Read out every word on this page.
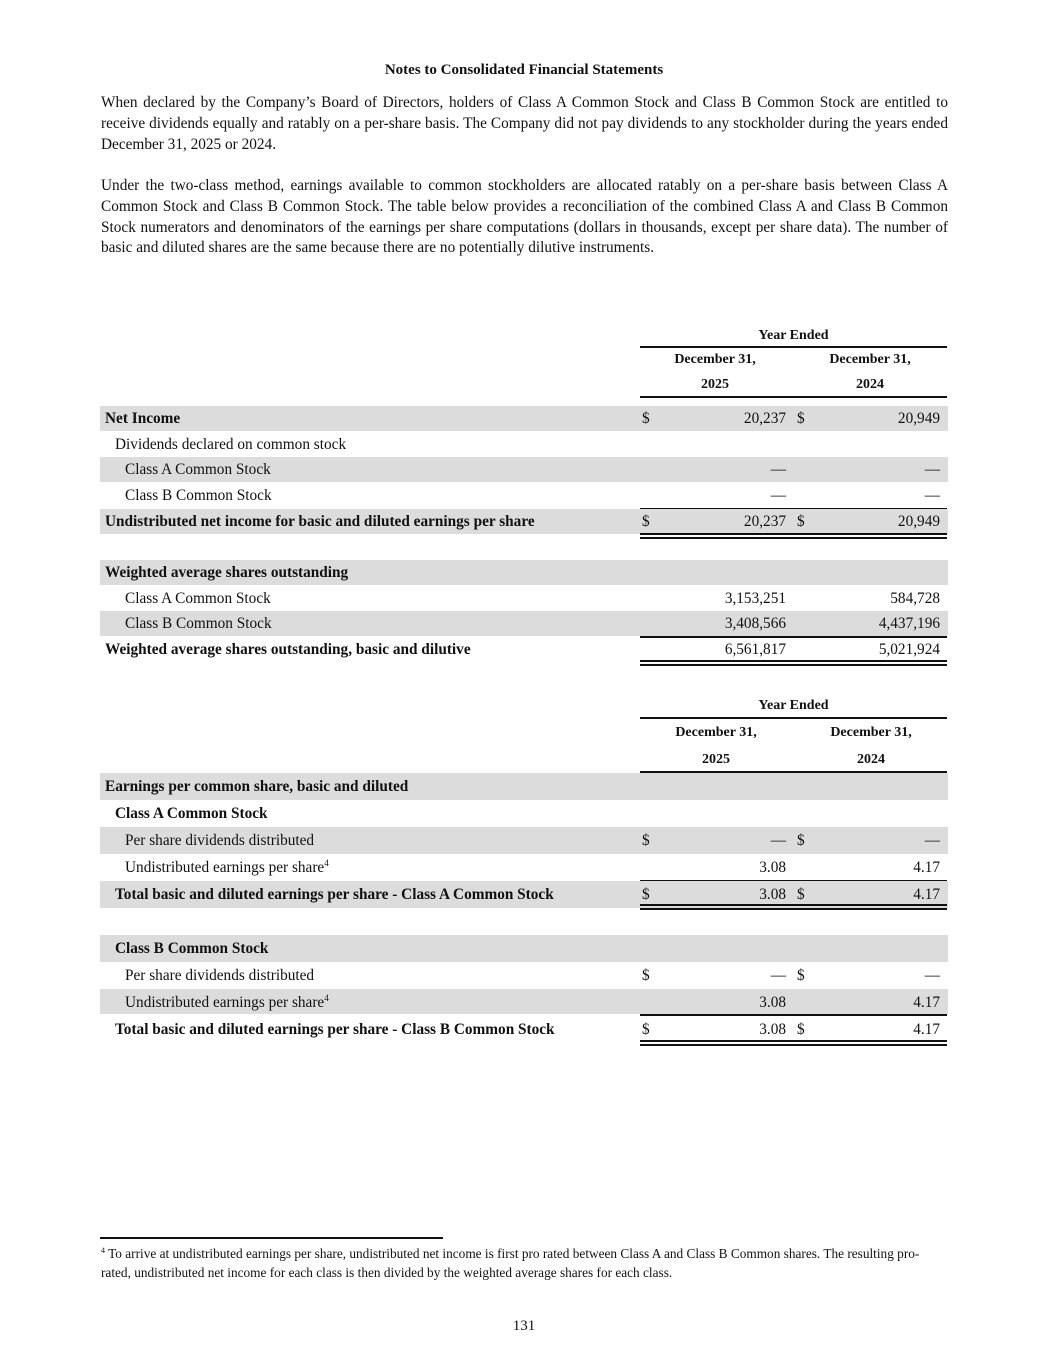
Notes to Consolidated Financial Statements
When declared by the Company’s Board of Directors, holders of Class A Common Stock and Class B Common Stock are entitled to receive dividends equally and ratably on a per-share basis. The Company did not pay dividends to any stockholder during the years ended December 31, 2025 or 2024.
Under the two-class method, earnings available to common stockholders are allocated ratably on a per-share basis between Class A Common Stock and Class B Common Stock. The table below provides a reconciliation of the combined Class A and Class B Common Stock numerators and denominators of the earnings per share computations (dollars in thousands, except per share data). The number of basic and diluted shares are the same because there are no potentially dilutive instruments.
Year Ended
December 31,
2025
December 31,
2024
Net Income	$	20,237 $	20,949
Dividends declared on common stock
Class A Common Stock	—	—
Class B Common Stock	—	—
Undistributed net income for basic and diluted earnings per share	$	20,237 $	20,949
Weighted average shares outstanding
Class A Common Stock	3,153,251	584,728
Class B Common Stock	3,408,566	4,437,196
Weighted average shares outstanding, basic and dilutive	6,561,817	5,021,924
Year Ended
December 31,
2025
December 31,
2024
Earnings per common share, basic and diluted
Class A Common Stock
Per share dividends distributed	$	— $	—
Undistributed earnings per share$^4$	3.08	4.17
Total basic and diluted earnings per share - Class A Common Stock	$	3.08 $	4.17
Class B Common Stock
Per share dividends distributed	$	— $	—
Undistributed earnings per share$^4$	3.08	4.17
Total basic and diluted earnings per share - Class B Common Stock	$	3.08 $	4.17
$^4$ To arrive at undistributed earnings per share, undistributed net income is first pro rated between Class A and Class B Common shares. The resulting pro-rated, undistributed net income for each class is then divided by the weighted average shares for each class.
131
